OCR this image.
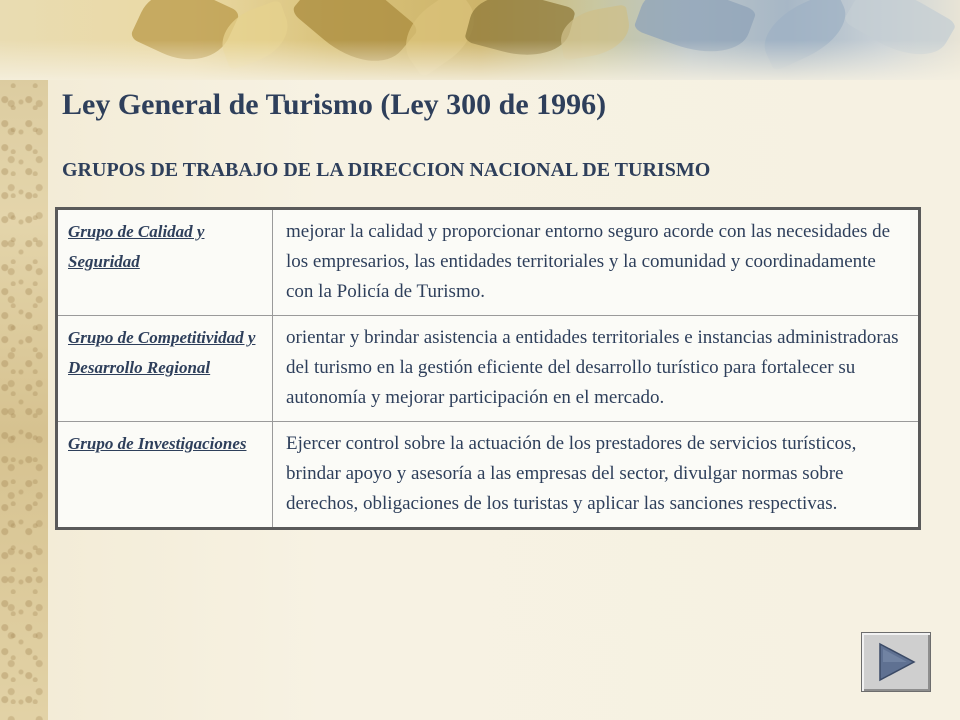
Ley General de Turismo (Ley 300 de 1996)
GRUPOS DE TRABAJO DE LA DIRECCION NACIONAL DE TURISMO
Grupo de Calidad y Seguridad	mejorar la calidad y proporcionar entorno seguro acorde con las necesidades de los empresarios, las entidades territoriales y la comunidad y coordinadamente con la Policía de Turismo.
Grupo de Competitividad y Desarrollo Regional	orientar y brindar asistencia a entidades territoriales e instancias administradoras del turismo en la gestión eficiente del desarrollo turístico para fortalecer su autonomía y mejorar participación en el mercado.
Grupo de Investigaciones	Ejercer control sobre la actuación de los prestadores de servicios turísticos, brindar apoyo y asesoría a las empresas del sector, divulgar normas sobre derechos, obligaciones de los turistas y aplicar las sanciones respectivas.
